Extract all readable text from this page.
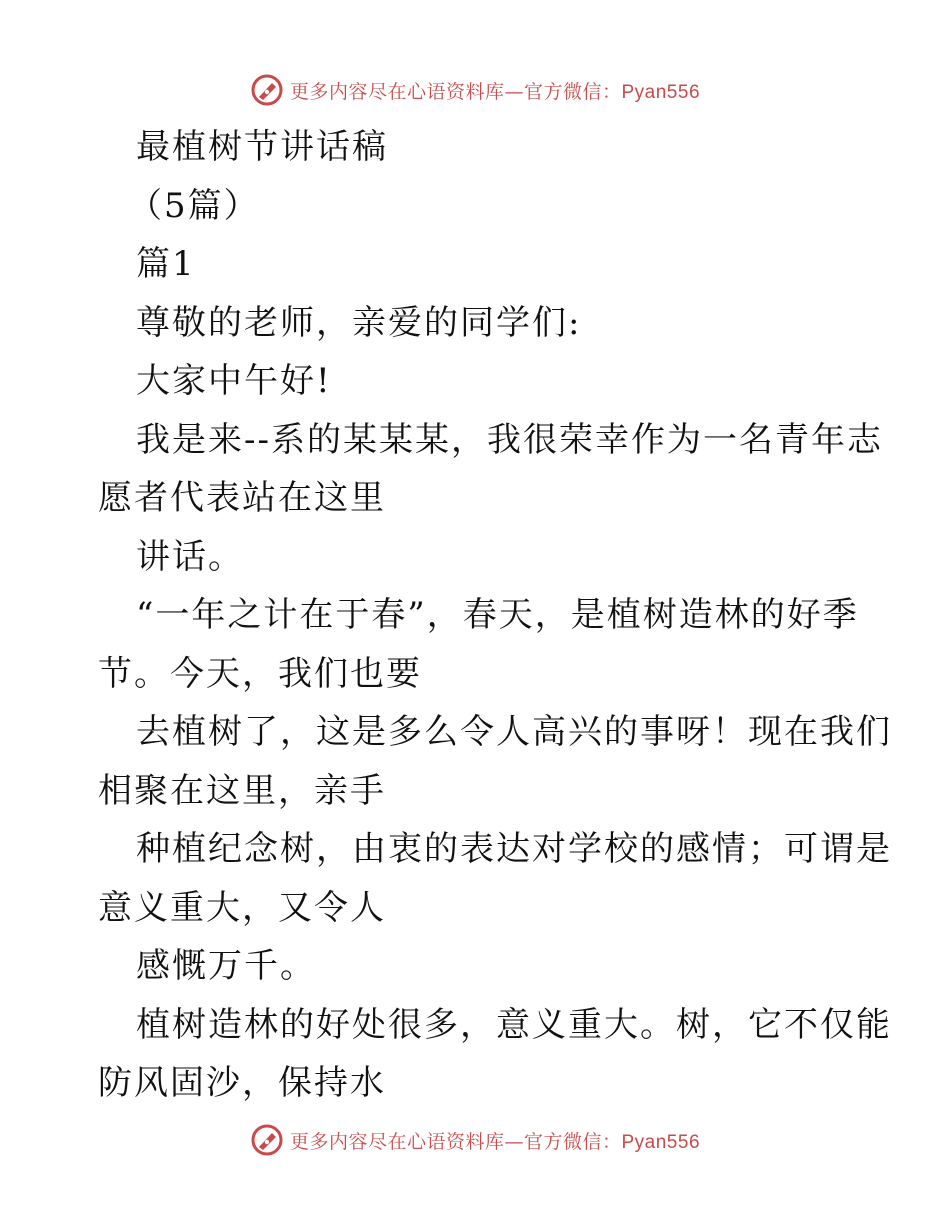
更多内容尽在心语资料库—官方微信：Pyan556
最植树节讲话稿
（5篇）
篇1
尊敬的老师，亲爱的同学们:
大家中午好!
我是来--系的某某某，我很荣幸作为一名青年志
愿者代表站在这里
讲话。
“一年之计在于春”，春天，是植树造林的好季
节。今天，我们也要
去植树了，这是多么令人高兴的事呀！现在我们
相聚在这里，亲手
种植纪念树，由衷的表达对学校的感情；可谓是
意义重大，又令人
感慨万千。
植树造林的好处很多，意义重大。树，它不仅能
防风固沙，保持水
更多内容尽在心语资料库—官方微信：Pyan556
